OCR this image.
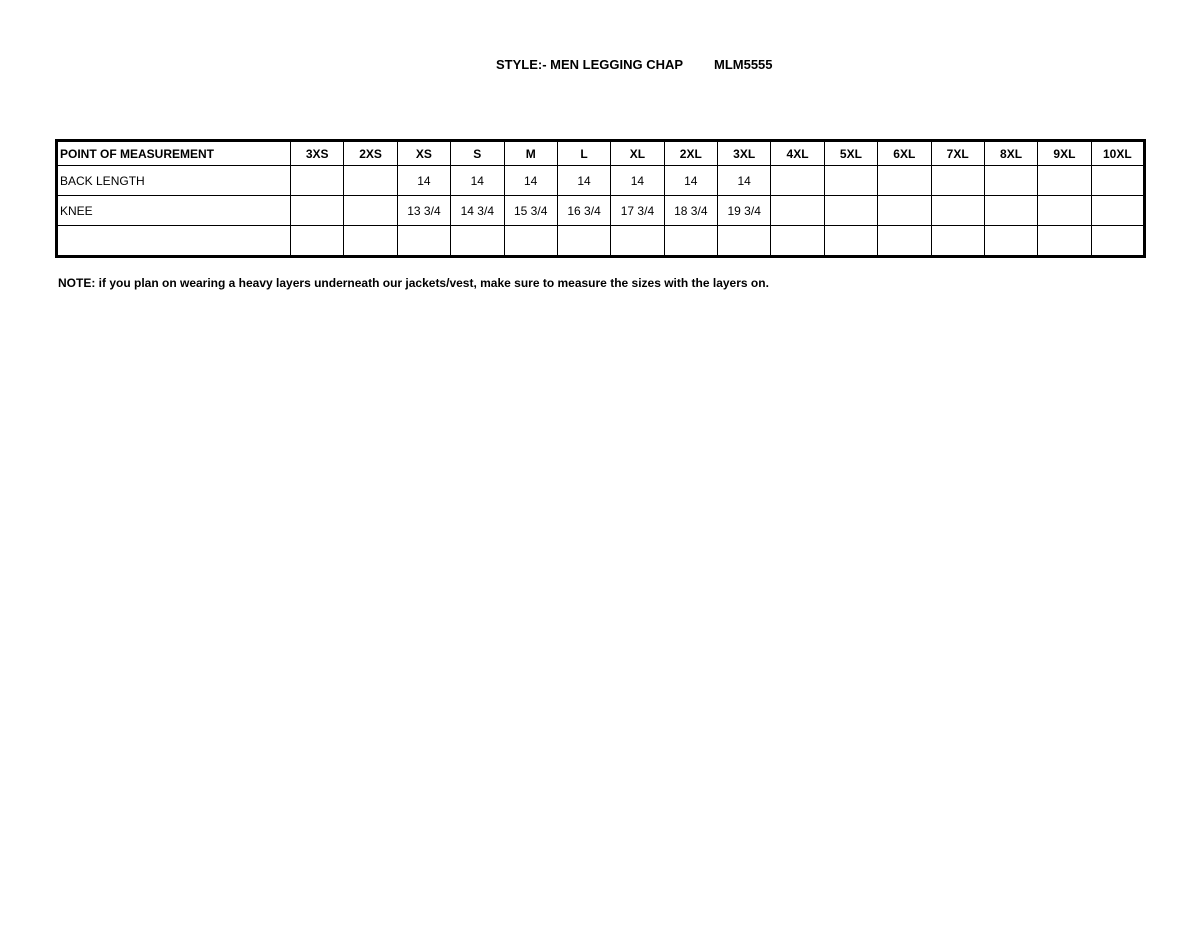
STYLE:- MEN LEGGING CHAP MLM5555
POINT OF MEASUREMENT	3XS	2XS	XS	S	M	L	XL	2XL	3XL	4XL	5XL	6XL	7XL	8XL	9XL	10XL
BACK LENGTH			14	14	14	14	14	14	14							
KNEE			13 3/4	14 3/4	15 3/4	16 3/4	17 3/4	18 3/4	19 3/4							

NOTE: if you plan on wearing a heavy layers underneath our jackets/vest, make sure to measure the sizes with the layers on.
